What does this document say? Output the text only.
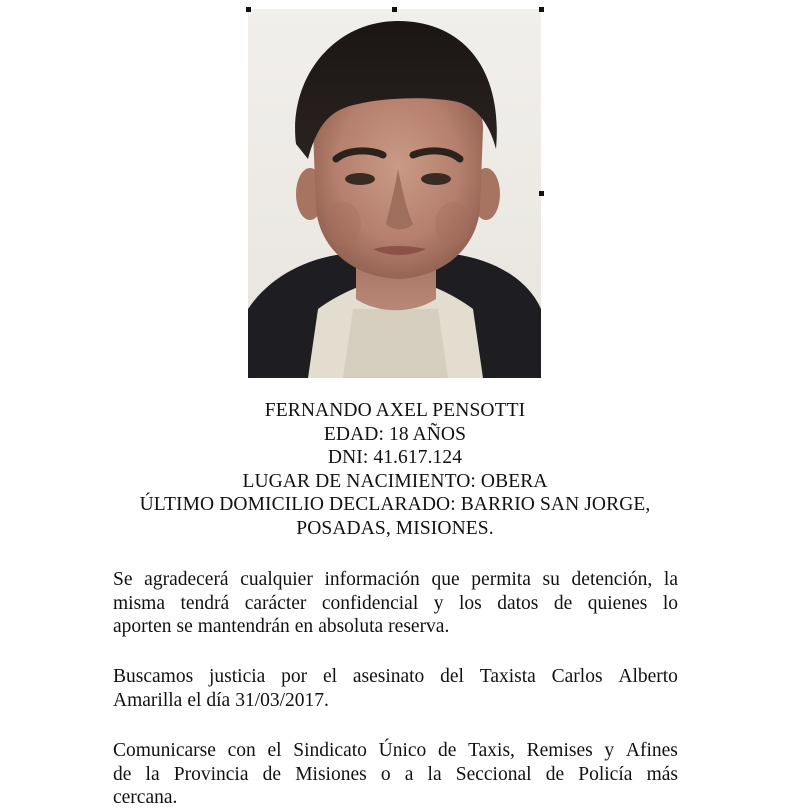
FERNANDO AXEL PENSOTTI
EDAD: 18 AÑOS
DNI: 41.617.124
LUGAR DE NACIMIENTO: OBERA
ÚLTIMO DOMICILIO DECLARADO: BARRIO SAN JORGE,
POSADAS, MISIONES.
Se agradecerá cualquier información que permita su detención, la
misma tendrá carácter confidencial y los datos de quienes lo
aporten se mantendrán en absoluta reserva.
Buscamos justicia por el asesinato del Taxista Carlos Alberto
Amarilla el día 31/03/2017.
Comunicarse con el Sindicato Único de Taxis, Remises y Afines
de la Provincia de Misiones o a la Seccional de Policía más
cercana.
